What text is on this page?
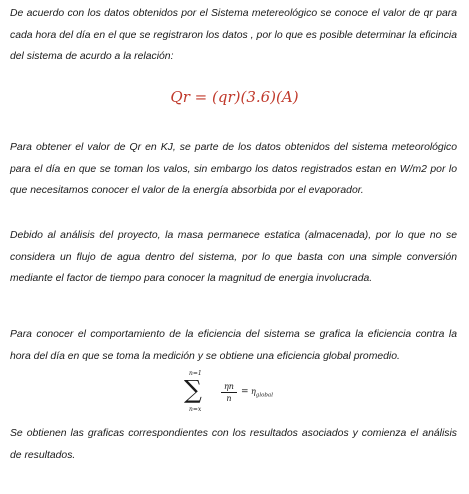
De acuerdo con los datos obtenidos por el Sistema metereológico se conoce el valor de qr para cada hora del día en el que se registraron los datos , por lo que es posible determinar la eficincia del sistema de acurdo a la relación:

Qr = (qr)(3.6)(A)

Para obtener el valor de Qr en KJ, se parte de los datos obtenidos del sistema meteorológico para el día en que se toman los valos, sin embargo los datos registrados estan en W/m2 por lo que necesitamos conocer el valor de la energía absorbida por el evaporador.

Debido al análisis del proyecto, la masa permanece estatica (almacenada), por lo que no se considera un flujo de agua dentro del sistema, por lo que basta con una simple conversión mediante el factor de tiempo para conocer la magnitud de energia involucrada.

Para conocer el comportamiento de la eficiencia del sistema se grafica la eficiencia contra la hora del día en que se toma la medición y se obtiene una eficiencia global promedio.

n=1
∑
n=x
$\frac{\eta n}{n} = \eta_{global}$

Se obtienen las graficas correspondientes con los resultados asociados y comienza el análisis de resultados.
